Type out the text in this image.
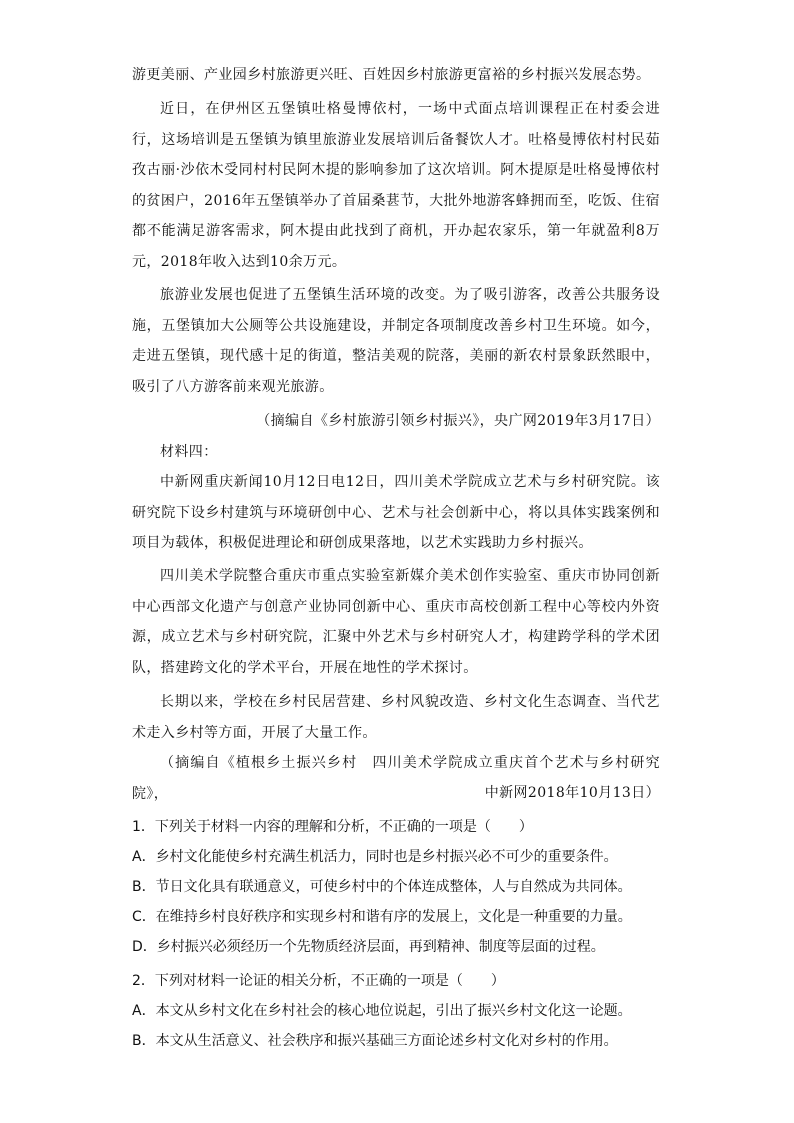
游更美丽、产业园乡村旅游更兴旺、百姓因乡村旅游更富裕的乡村振兴发展态势。

近日，在伊州区五堡镇吐格曼博依村，一场中式面点培训课程正在村委会进行，这场培训是五堡镇为镇里旅游业发展培训后备餐饮人才。吐格曼博依村村民茹孜古丽·沙依木受同村村民阿木提的影响参加了这次培训。阿木提原是吐格曼博依村的贫困户，2016年五堡镇举办了首届桑葚节，大批外地游客蜂拥而至，吃饭、住宿都不能满足游客需求，阿木提由此找到了商机，开办起农家乐，第一年就盈利8万元，2018年收入达到10余万元。

旅游业发展也促进了五堡镇生活环境的改变。为了吸引游客，改善公共服务设施，五堡镇加大公厕等公共设施建设，并制定各项制度改善乡村卫生环境。如今，走进五堡镇，现代感十足的街道，整洁美观的院落，美丽的新农村景象跃然眼中，吸引了八方游客前来观光旅游。

（摘编自《乡村旅游引领乡村振兴》，央广网2019年3月17日）

材料四：

中新网重庆新闻10月12日电12日，四川美术学院成立艺术与乡村研究院。该研究院下设乡村建筑与环境研创中心、艺术与社会创新中心，将以具体实践案例和项目为载体，积极促进理论和研创成果落地，以艺术实践助力乡村振兴。

四川美术学院整合重庆市重点实验室新媒介美术创作实验室、重庆市协同创新中心西部文化遗产与创意产业协同创新中心、重庆市高校创新工程中心等校内外资源，成立艺术与乡村研究院，汇聚中外艺术与乡村研究人才，构建跨学科的学术团队，搭建跨文化的学术平台，开展在地性的学术探讨。

长期以来，学校在乡村民居营建、乡村风貌改造、乡村文化生态调查、当代艺术走入乡村等方面，开展了大量工作。

（摘编自《植根乡土振兴乡村　四川美术学院成立重庆首个艺术与乡村研究院》，	中新网2018年10月13日）

1．下列关于材料一内容的理解和分析，不正确的一项是（　　）

A．乡村文化能使乡村充满生机活力，同时也是乡村振兴必不可少的重要条件。

B．节日文化具有联通意义，可使乡村中的个体连成整体，人与自然成为共同体。

C．在维持乡村良好秩序和实现乡村和谐有序的发展上，文化是一种重要的力量。

D．乡村振兴必须经历一个先物质经济层面，再到精神、制度等层面的过程。

2．下列对材料一论证的相关分析，不正确的一项是（　　）

A．本文从乡村文化在乡村社会的核心地位说起，引出了振兴乡村文化这一论题。

B．本文从生活意义、社会秩序和振兴基础三方面论述乡村文化对乡村的作用。
